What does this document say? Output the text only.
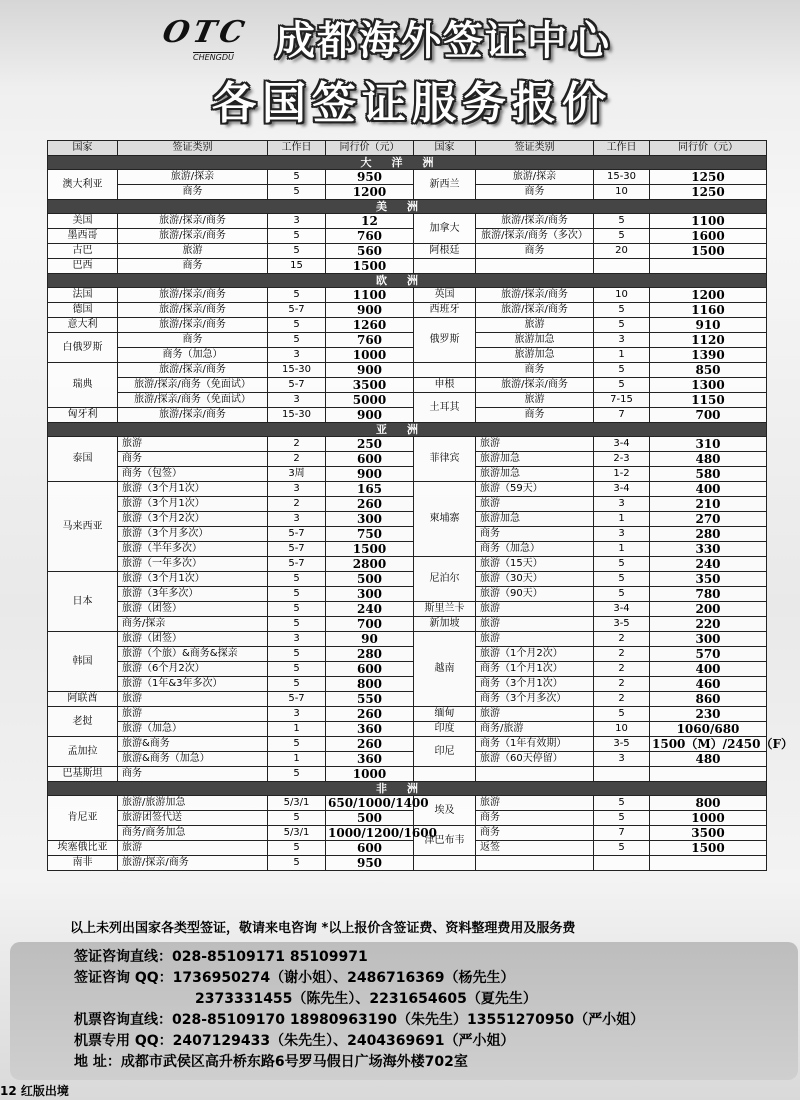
OTC
CHENGDU 成都海外签证中心
各国签证服务报价
国家	签证类别	工作日	同行价（元）	国家	签证类别	工作日	同行价（元）
大洋洲							
澳大利亚	旅游/探亲	5	950	新西兰	旅游/探亲	15-30	1250
	商务	5	1200		商务	10	1250
美洲							
美国	旅游/探亲/商务	3	12	加拿大	旅游/探亲/商务	5	1100
墨西哥	旅游/探亲/商务	5	760		旅游/探亲/商务（多次）	5	1600
古巴	旅游	5	560	阿根廷	商务	20	1500
巴西	商务	15	1500				
欧洲							
法国	旅游/探亲/商务	5	1100	英国	旅游/探亲/商务	10	1200
德国	旅游/探亲/商务	5-7	900	西班牙	旅游/探亲/商务	5	1160
意大利	旅游/探亲/商务	5	1260	俄罗斯	旅游	5	910
白俄罗斯	商务	5	760		旅游加急	3	1120
	商务（加急）	3	1000		旅游加急	1	1390
瑞典	旅游/探亲/商务	15-30	900		商务	5	850
	旅游/探亲/商务（免面试）	5-7	3500	申根	旅游/探亲/商务	5	1300
	旅游/探亲/商务（免面试）	3	5000	土耳其	旅游	7-15	1150
匈牙利	旅游/探亲/商务	15-30	900		商务	7	700
亚洲							
泰国	旅游	2	250	菲律宾	旅游	3-4	310
	商务	2	600		旅游加急	2-3	480
	商务（包签）	3周	900		旅游加急	1-2	580
马来西亚	旅游（3个月1次）	3	165	柬埔寨	旅游（59天）	3-4	400
	旅游（3个月1次）	2	260		旅游	3	210
	旅游（3个月2次）	3	300		旅游加急	1	270
	旅游（3个月多次）	5-7	750		商务	3	280
	旅游（半年多次）	5-7	1500		商务（加急）	1	330
	旅游（一年多次）	5-7	2800	尼泊尔	旅游（15天）	5	240
日本	旅游（3个月1次）	5	500		旅游（30天）	5	350
	旅游（3年多次）	5	300		旅游（90天）	5	780
	旅游（团签）	5	240	斯里兰卡	旅游	3-4	200
	商务/探亲	5	700	新加坡	旅游	3-5	220
韩国	旅游（团签）	3	90	越南	旅游	2	300
	旅游（个旅）&商务&探亲	5	280		旅游（1个月2次）	2	570
	旅游（6个月2次）	5	600		商务（1个月1次）	2	400
	旅游（1年&3年多次）	5	800		商务（3个月1次）	2	460
阿联酋	旅游	5-7	550		商务（3个月多次）	2	860
老挝	旅游	3	260	缅甸	旅游	5	230
	旅游（加急）	1	360	印度	商务/旅游	10	1060/680
孟加拉	旅游&商务	5	260	印尼	商务（1年有效期）	3-5	1500（M）/2450（F）
	旅游&商务（加急）	1	360		旅游（60天停留）	3	480
巴基斯坦	商务	5	1000				
非洲							
肯尼亚	旅游/旅游加急	5/3/1	650/1000/1400	埃及	旅游	5	800
	旅游团签代送	5	500		商务	5	1000
	商务/商务加急	5/3/1	1000/1200/1600	津巴布韦	商务	7	3500
埃塞俄比亚	旅游	5	600		返签	5	1500
南非	旅游/探亲/商务	5	950				
以上未列出国家各类型签证，敬请来电咨询 *以上报价含签证费、资料整理费用及服务费
签证咨询直线：028-85109171 85109971
签证咨询 QQ：1736950274（谢小姐）、2486716369（杨先生）
2373331455（陈先生）、2231654605（夏先生）
机票咨询直线：028-85109170 18980963190（朱先生）13551270950（严小姐）
机票专用 QQ：2407129433（朱先生）、2404369691（严小姐）
地 址：成都市武侯区高升桥东路6号罗马假日广场海外楼702室
12 红版出境
